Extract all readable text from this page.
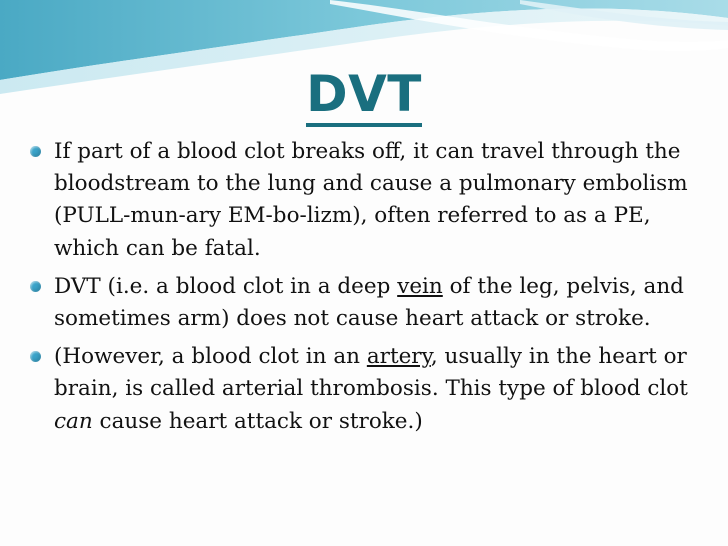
DVT
If part of a blood clot breaks off, it can travel through the bloodstream to the lung and cause a pulmonary embolism (PULL-mun-ary EM-bo-lizm), often referred to as a PE, which can be fatal.
DVT (i.e. a blood clot in a deep vein of the leg, pelvis, and sometimes arm) does not cause heart attack or stroke.
(However, a blood clot in an artery, usually in the heart or brain, is called arterial thrombosis. This type of blood clot can cause heart attack or stroke.)
